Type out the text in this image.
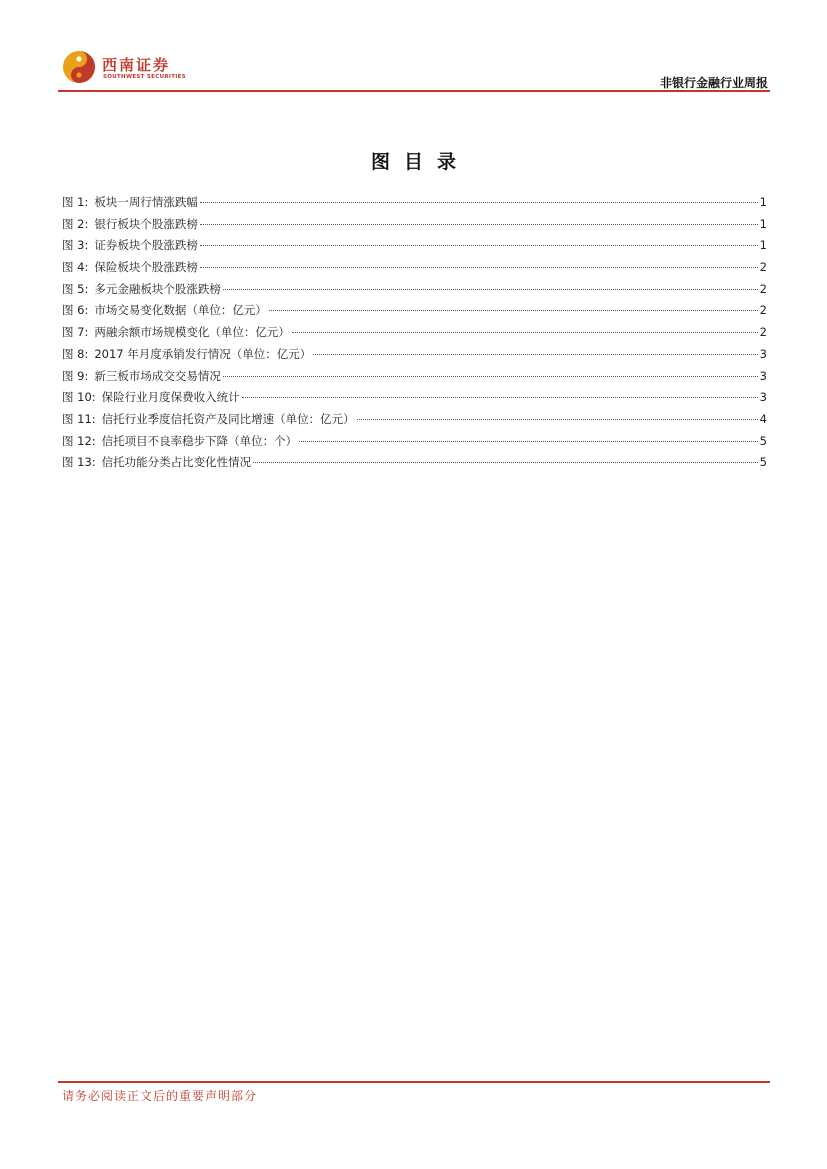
西南证券
SOUTHWEST SECURITIES	非银行金融行业周报
图目录
图 1: 板块一周行情涨跌幅	1
图 2: 银行板块个股涨跌榜	1
图 3: 证券板块个股涨跌榜	1
图 4: 保险板块个股涨跌榜	2
图 5: 多元金融板块个股涨跌榜	2
图 6: 市场交易变化数据（单位：亿元）	2
图 7: 两融余额市场规模变化（单位：亿元）	2
图 8: 2017 年月度承销发行情况（单位：亿元）	3
图 9: 新三板市场成交交易情况	3
图 10: 保险行业月度保费收入统计	3
图 11: 信托行业季度信托资产及同比增速（单位：亿元）	4
图 12: 信托项目不良率稳步下降（单位：个）	5
图 13: 信托功能分类占比变化性情况	5
请务必阅读正文后的重要声明部分
